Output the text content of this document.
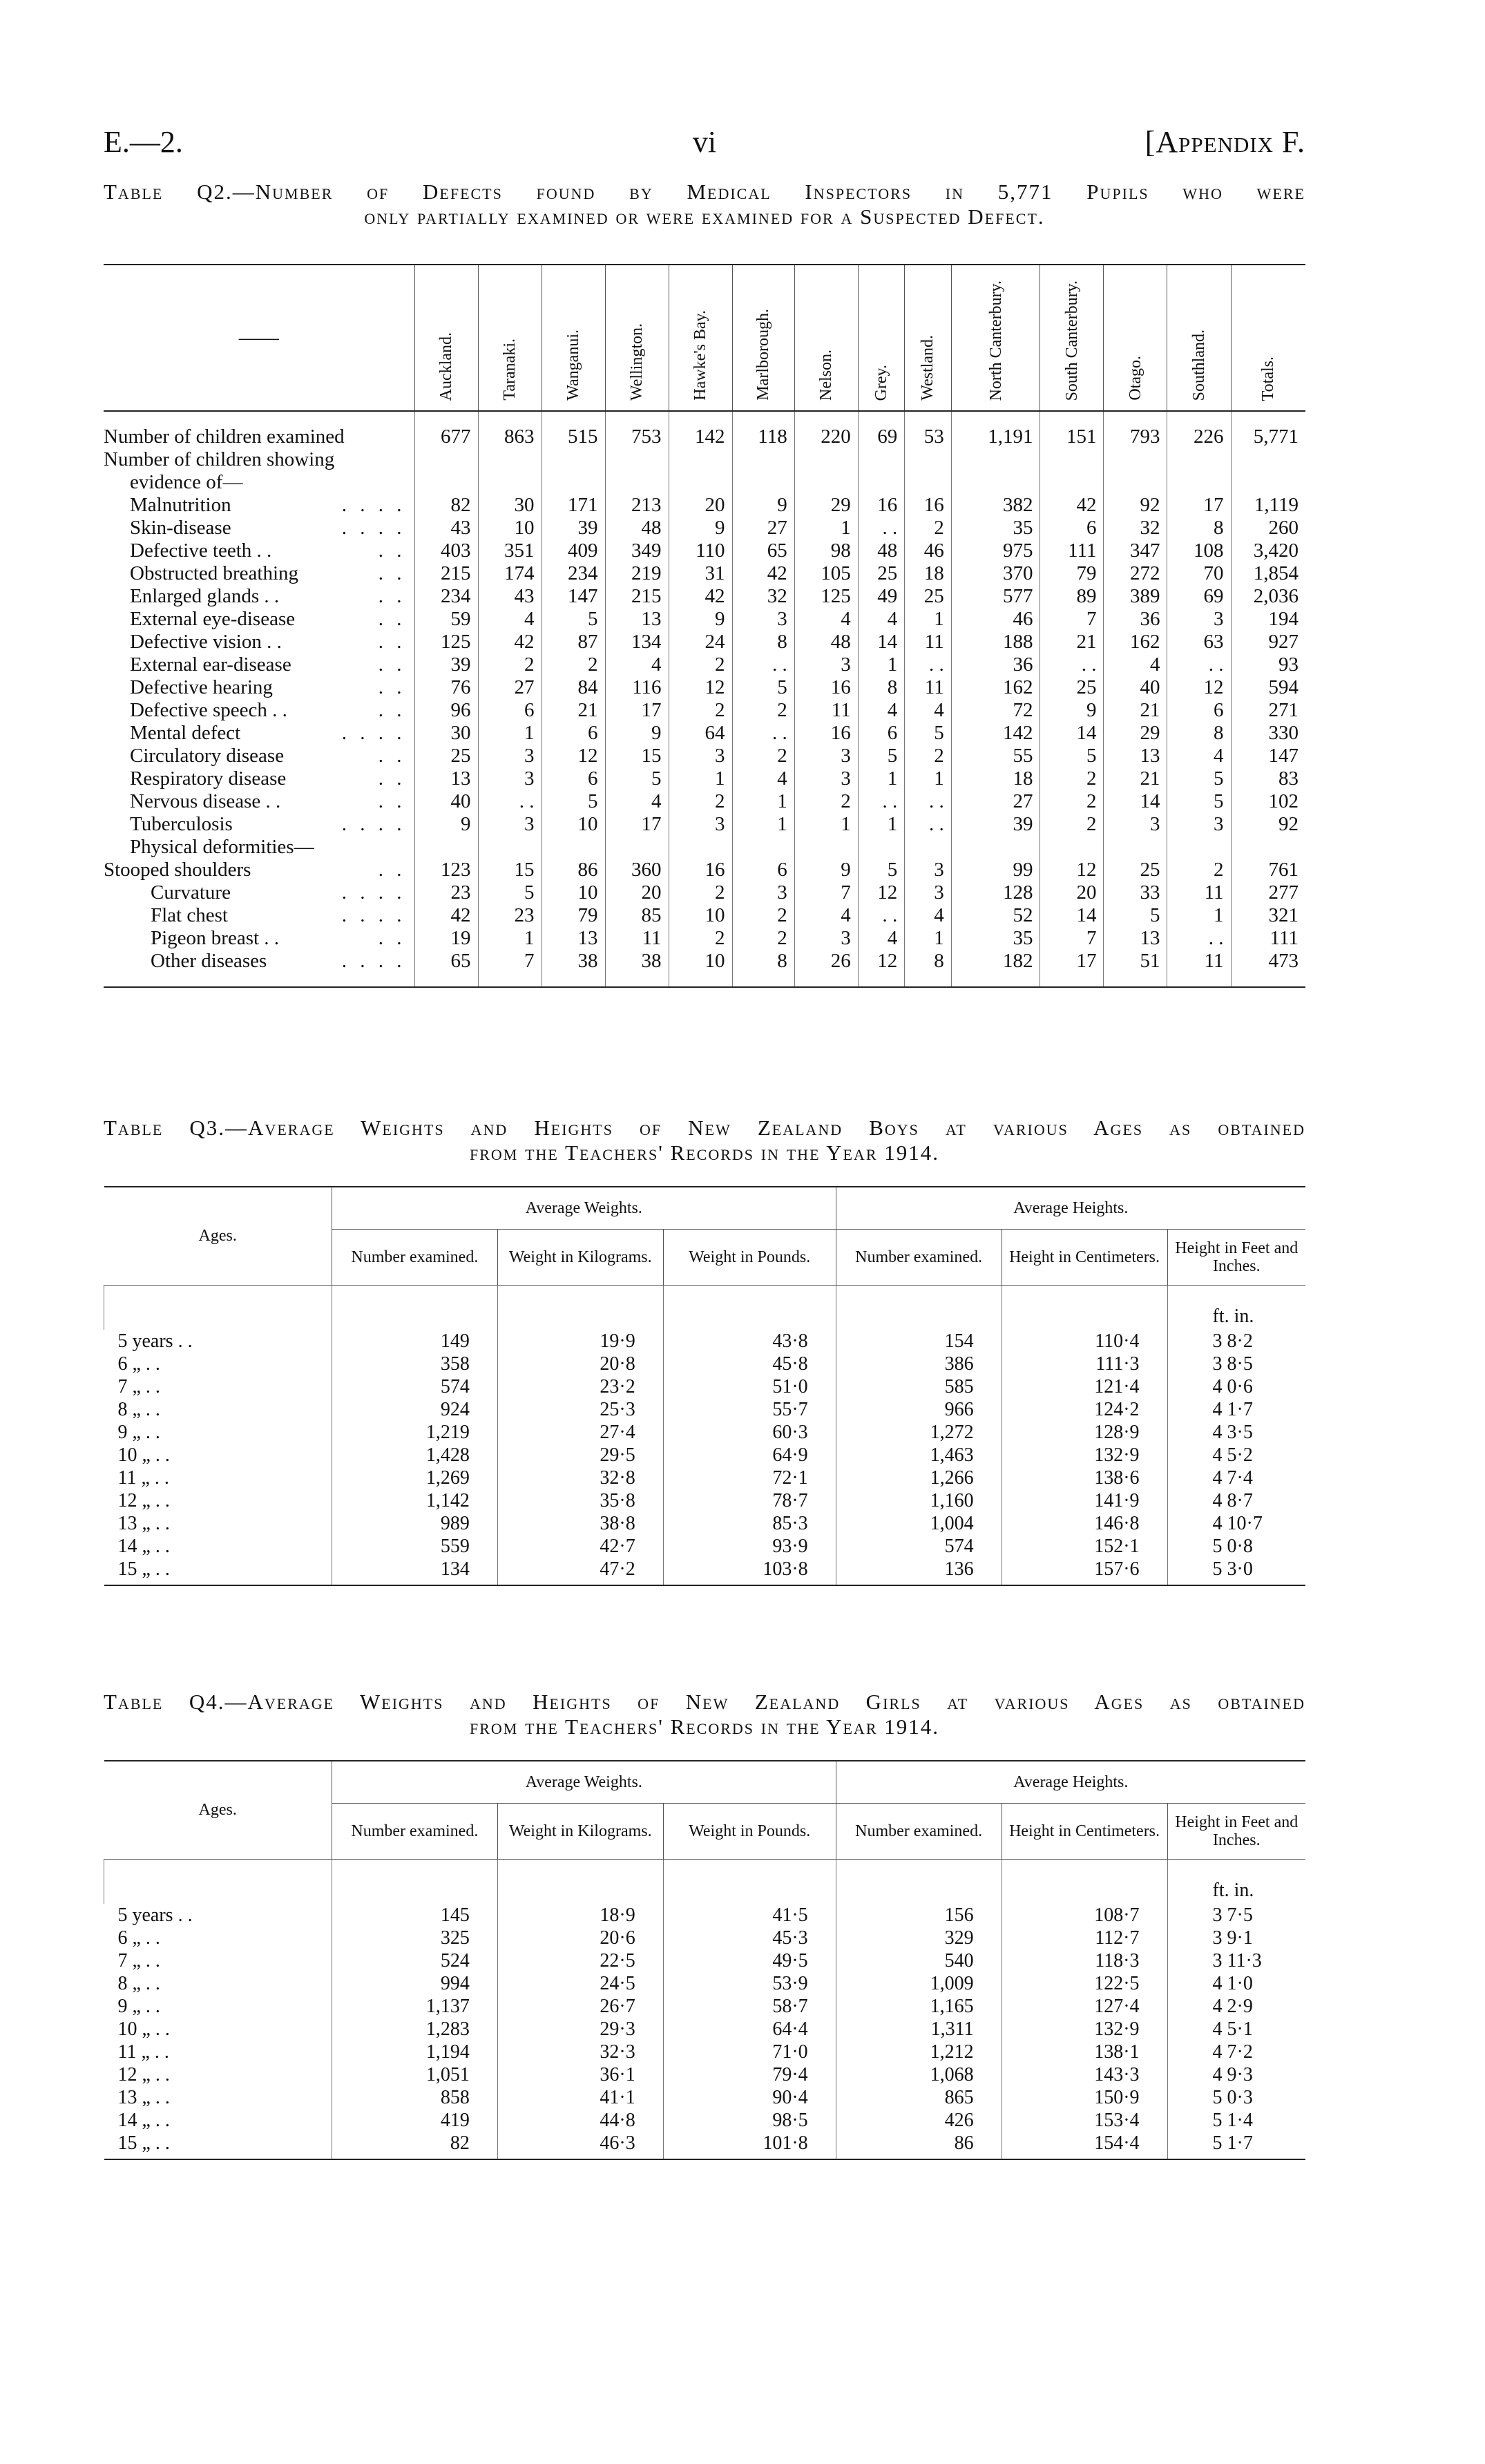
E.—2.	vi	[Appendix F.
Table Q2.—Number of Defects found by Medical Inspectors in 5,771 Pupils who were
only partially examined or were examined for a Suspected Defect.
——	Auckland.	Taranaki.	Wanganui.	Wellington.	Hawke's Bay.	Marlborough.	Nelson.	Grey.	Westland.	North Canterbury.	South Canterbury.	Otago.	Southland.	Totals.
Number of children examined	677	863	515	753	142	118	220	69	53	1,191	151	793	226	5,771
Number of children showing														
evidence of—														

. . . .
Malnutrition	82	30	171	213	20	9	29	16	16	382	42	92	17	1,119

. . . .
Skin-disease	43	10	39	48	9	27	1	. .	2	35	6	32	8	260

. .
Defective teeth . .	403	351	409	349	110	65	98	48	46	975	111	347	108	3,420

. .
Obstructed breathing	215	174	234	219	31	42	105	25	18	370	79	272	70	1,854

. .
Enlarged glands . .	234	43	147	215	42	32	125	49	25	577	89	389	69	2,036

. .
External eye-disease	59	4	5	13	9	3	4	4	1	46	7	36	3	194

. .
Defective vision . .	125	42	87	134	24	8	48	14	11	188	21	162	63	927

. .
External ear-disease	39	2	2	4	2	. .	3	1	. .	36	. .	4	. .	93

. .
Defective hearing	76	27	84	116	12	5	16	8	11	162	25	40	12	594

. .
Defective speech . .	96	6	21	17	2	2	11	4	4	72	9	21	6	271

. . . .
Mental defect	30	1	6	9	64	. .	16	6	5	142	14	29	8	330

. .
Circulatory disease	25	3	12	15	3	2	3	5	2	55	5	13	4	147

. .
Respiratory disease	13	3	6	5	1	4	3	1	1	18	2	21	5	83

. .
Nervous disease . .	40	. .	5	4	2	1	2	. .	. .	27	2	14	5	102

. . . .
Tuberculosis	9	3	10	17	3	1	1	1	. .	39	2	3	3	92
Physical deformities—														

. .
Stooped shoulders	123	15	86	360	16	6	9	5	3	99	12	25	2	761

. . . .
Curvature	23	5	10	20	2	3	7	12	3	128	20	33	11	277

. . . .
Flat chest	42	23	79	85	10	2	4	. .	4	52	14	5	1	321

. .
Pigeon breast . .	19	1	13	11	2	2	3	4	1	35	7	13	. .	111

. . . .
Other diseases	65	7	38	38	10	8	26	12	8	182	17	51	11	473
Table Q3.—Average Weights and Heights of New Zealand Boys at various Ages as obtained
from the Teachers' Records in the Year 1914.
Ages.	Average Weights.			Average Heights.		
	Number examined.	Weight in Kilograms.	Weight in Pounds.	Number examined.	Height in Centimeters.	Height in Feet and Inches.
						ft. in.
5 years . .	149	19·9	43·8	154	110·4	3 8·2
6 „ . .	358	20·8	45·8	386	111·3	3 8·5
7 „ . .	574	23·2	51·0	585	121·4	4 0·6
8 „ . .	924	25·3	55·7	966	124·2	4 1·7
9 „ . .	1,219	27·4	60·3	1,272	128·9	4 3·5
10 „ . .	1,428	29·5	64·9	1,463	132·9	4 5·2
11 „ . .	1,269	32·8	72·1	1,266	138·6	4 7·4
12 „ . .	1,142	35·8	78·7	1,160	141·9	4 8·7
13 „ . .	989	38·8	85·3	1,004	146·8	4 10·7
14 „ . .	559	42·7	93·9	574	152·1	5 0·8
15 „ . .	134	47·2	103·8	136	157·6	5 3·0
Table Q4.—Average Weights and Heights of New Zealand Girls at various Ages as obtained
from the Teachers' Records in the Year 1914.
Ages.	Average Weights.			Average Heights.		
	Number examined.	Weight in Kilograms.	Weight in Pounds.	Number examined.	Height in Centimeters.	Height in Feet and Inches.
						ft. in.
5 years . .	145	18·9	41·5	156	108·7	3 7·5
6 „ . .	325	20·6	45·3	329	112·7	3 9·1
7 „ . .	524	22·5	49·5	540	118·3	3 11·3
8 „ . .	994	24·5	53·9	1,009	122·5	4 1·0
9 „ . .	1,137	26·7	58·7	1,165	127·4	4 2·9
10 „ . .	1,283	29·3	64·4	1,311	132·9	4 5·1
11 „ . .	1,194	32·3	71·0	1,212	138·1	4 7·2
12 „ . .	1,051	36·1	79·4	1,068	143·3	4 9·3
13 „ . .	858	41·1	90·4	865	150·9	5 0·3
14 „ . .	419	44·8	98·5	426	153·4	5 1·4
15 „ . .	82	46·3	101·8	86	154·4	5 1·7
